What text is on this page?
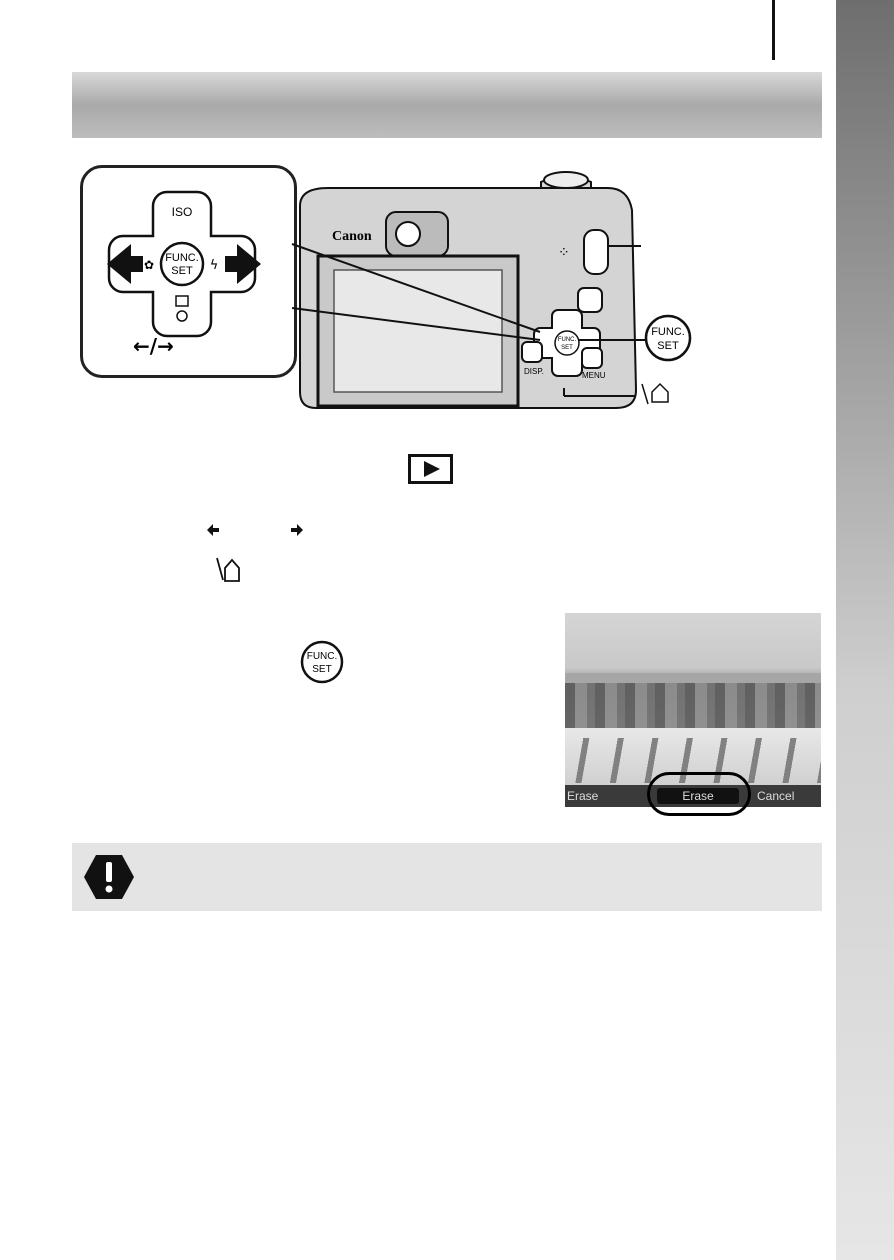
FUNC.
SET
ISO
✿	ϟ
←/→
Canon
⁘
FUNC.
SET
DISP.	MENU
FUNC.
SET
FUNC.
SET
Erase	Erase	Cancel
